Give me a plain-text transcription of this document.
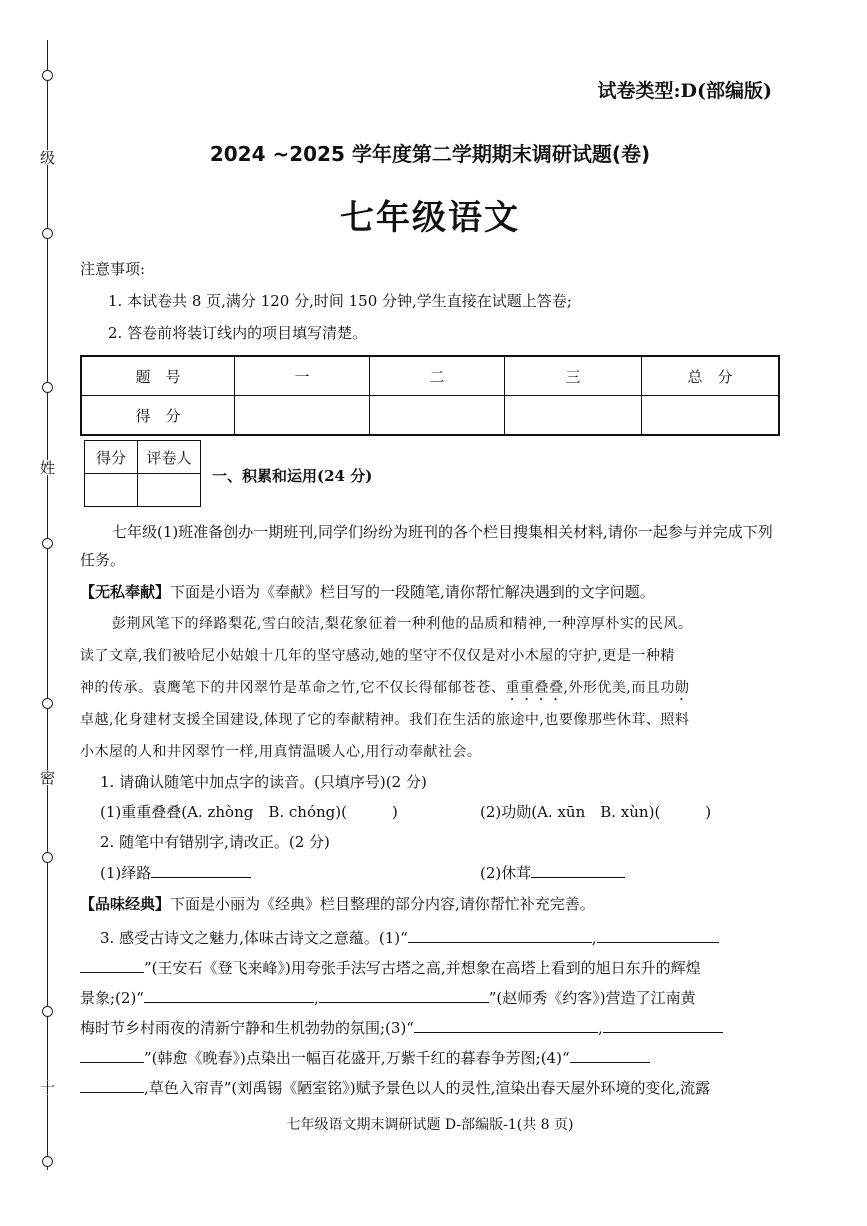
级
姓
密
十
试卷类型:D(部编版)
2024 ~2025 学年度第二学期期末调研试题(卷)
七年级语文
注意事项:
1. 本试卷共 8 页,满分 120 分,时间 150 分钟,学生直接在试题上答卷;
2. 答卷前将装订线内的项目填写清楚。
题　号	一	二	三	总　分
得　分				
得分	评卷人

一、积累和运用(24 分)
七年级(1)班准备创办一期班刊,同学们纷纷为班刊的各个栏目搜集相关材料,请你一起参与并完成下列任务。
【无私奉献】下面是小语为《奉献》栏目写的一段随笔,请你帮忙解决遇到的文字问题。
彭荆风笔下的绎路梨花,雪白皎洁,梨花象征着一种利他的品质和精神,一种淳厚朴实的民风。
读了文章,我们被哈尼小姑娘十几年的坚守感动,她的坚守不仅仅是对小木屋的守护,更是一种精
神的传承。袁鹰笔下的井冈翠竹是革命之竹,它不仅长得郁郁苍苍、重重叠叠,外形优美,而且功勋
卓越,化身建材支援全国建设,体现了它的奉献精神。我们在生活的旅途中,也要像那些休茸、照料
小木屋的人和井冈翠竹一样,用真情温暖人心,用行动奉献社会。
1. 请确认随笔中加点字的读音。(只填序号)(2 分)
(1)重重叠叠(A. zhòng　B. chóng)(　　　)	(2)功勋(A. xūn　B. xùn)(　　　)
2. 随笔中有错别字,请改正。(2 分)
(1)绎路	(2)休茸
【品味经典】下面是小丽为《经典》栏目整理的部分内容,请你帮忙补充完善。
3. 感受古诗文之魅力,体味古诗文之意蕴。(1)“	,
”(王安石《登飞来峰》)用夸张手法写古塔之高,并想象在高塔上看到的旭日东升的辉煌
景象;(2)“	,	”(赵师秀《约客》)营造了江南黄
梅时节乡村雨夜的清新宁静和生机勃勃的氛围;(3)“	,
”(韩愈《晚春》)点染出一幅百花盛开,万紫千红的暮春争芳图;(4)“
,草色入帘青”(刘禹锡《陋室铭》)赋予景色以人的灵性,渲染出春天屋外环境的变化,流露
七年级语文期末调研试题 D-部编版-1(共 8 页)
